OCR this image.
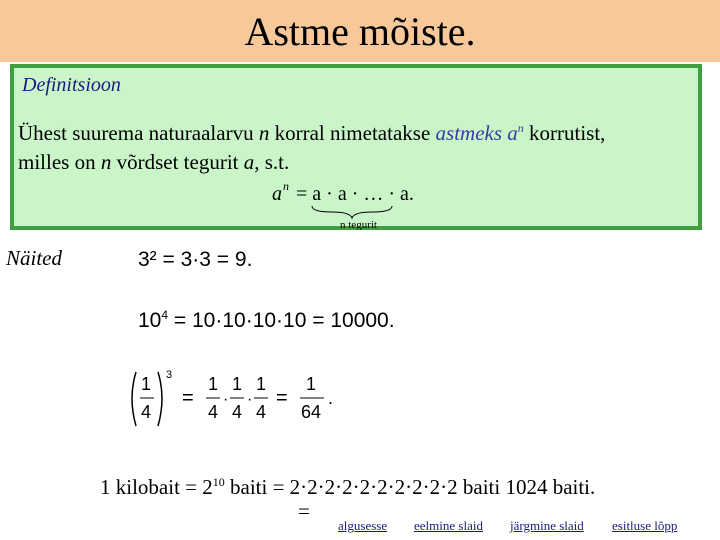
Astme mõiste.
Definitsioon
Ühest suurema naturaalarvu n korral nimetatakse astmeks $a^n$ korrutist,
milles on n võrdset tegurit a, s.t.
a n = a · a · … · a.
n tegurit
Näited	3² = 3·3 = 9.
$10^4 = 10\cdot 10\cdot 10\cdot 10 = 10000$.
1
4
3
=
1
4
·
1
4
·
1
4
=
1
64
.
1 kilobait = $2^{10}$ baiti = 2·2·2·2·2·2·2·2·2·2 baiti 1024 baiti.
=
algusesse eelmine slaid järgmine slaid esitluse lõpp
